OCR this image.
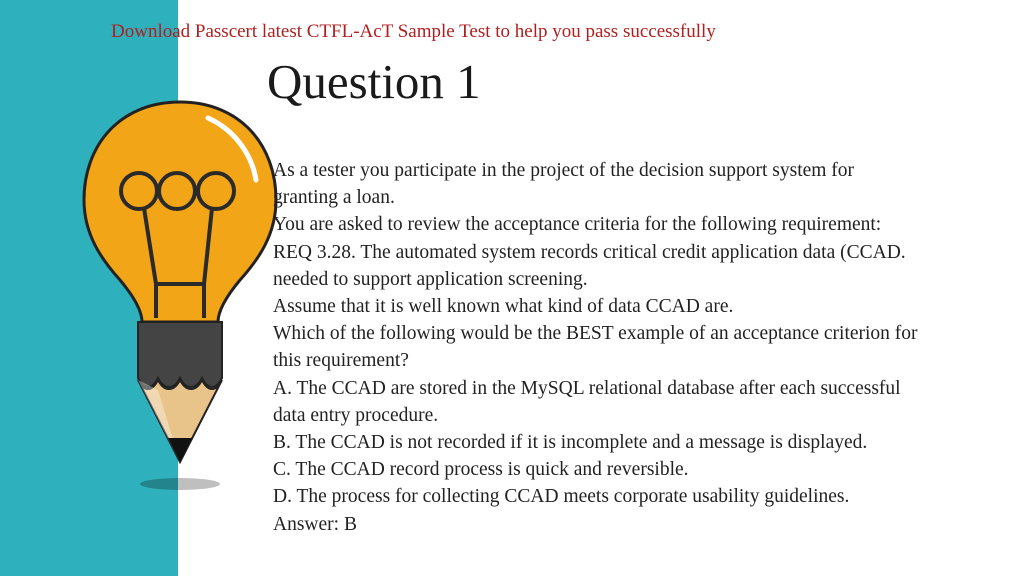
Download Passcert latest CTFL-AcT Sample Test to help you pass successfully
Question 1
As a tester you participate in the project of the decision support system for
granting a loan.
You are asked to review the acceptance criteria for the following requirement:
REQ 3.28. The automated system records critical credit application data (CCAD.
needed to support application screening.
Assume that it is well known what kind of data CCAD are.
Which of the following would be the BEST example of an acceptance criterion for
this requirement?
A. The CCAD are stored in the MySQL relational database after each successful
data entry procedure.
B. The CCAD is not recorded if it is incomplete and a message is displayed.
C. The CCAD record process is quick and reversible.
D. The process for collecting CCAD meets corporate usability guidelines.
Answer: B
